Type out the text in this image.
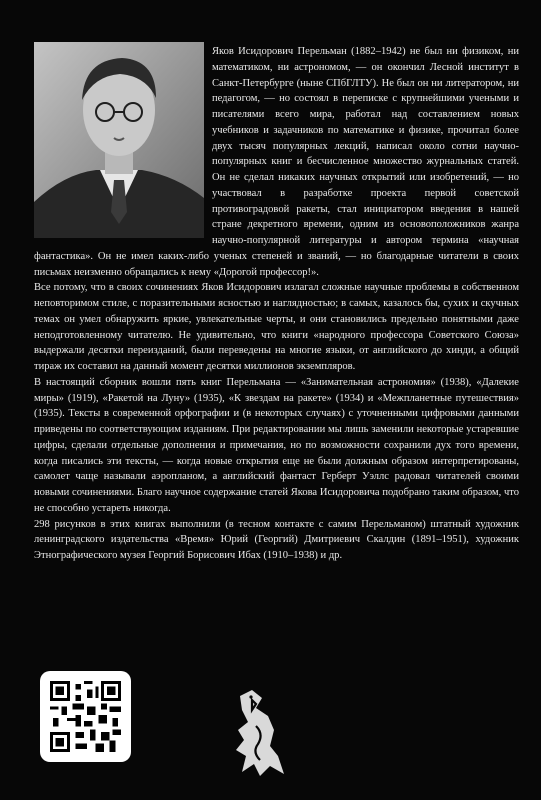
Яков Исидорович Перельман (1882–1942) не был ни физиком, ни математиком, ни астрономом, — он окончил Лесной институт в Санкт-Петербурге (ныне СПбГЛТУ). Не был он ни литератором, ни педагогом, — но состоял в переписке с крупнейшими учеными и писателями всего мира, работал над составлением новых учебников и задачников по математике и физике, прочитал более двух тысяч популярных лекций, написал около сотни научно-популярных книг и бесчисленное множество журнальных статей. Он не сделал никаких научных открытий или изобретений, — но участвовал в разработке проекта первой советской противоградовой ракеты, стал инициатором введения в нашей стране декретного времени, одним из основоположников жанра научно-популярной литературы и автором термина «научная фантастика». Он не имел каких-либо ученых степеней и званий, — но благодарные читатели в своих письмах неизменно обращались к нему «Дорогой профессор!».

Все потому, что в своих сочинениях Яков Исидорович излагал сложные научные проблемы в собственном неповторимом стиле, с поразительными ясностью и наглядностью; в самых, казалось бы, сухих и скучных темах он умел обнаружить яркие, увлекательные черты, и они становились предельно понятными даже неподготовленному читателю. Не удивительно, что книги «народного профессора Советского Союза» выдержали десятки переизданий, были переведены на многие языки, от английского до хинди, а общий тираж их составил на данный момент десятки миллионов экземпляров.

В настоящий сборник вошли пять книг Перельмана — «Занимательная астрономия» (1938), «Далекие миры» (1919), «Ракетой на Луну» (1935), «К звездам на ракете» (1934) и «Межпланетные путешествия» (1935). Тексты в современной орфографии и (в некоторых случаях) с уточненными цифровыми данными приведены по соответствующим изданиям. При редактировании мы лишь заменили некоторые устаревшие цифры, сделали отдельные дополнения и примечания, но по возможности сохранили дух того времени, когда писались эти тексты, — когда новые открытия еще не были должным образом интерпретированы, самолет чаще называли аэропланом, а английский фантаст Герберт Уэллс радовал читателей своими новыми сочинениями. Благо научное содержание статей Якова Исидоровича подобрано таким образом, что не способно устареть никогда.

298 рисунков в этих книгах выполнили (в тесном контакте с самим Перельманом) штатный художник ленинградского издательства «Время» Юрий (Георгий) Дмитриевич Скалдин (1891–1951), художник Этнографического музея Георгий Борисович Ибах (1910–1938) и др.
